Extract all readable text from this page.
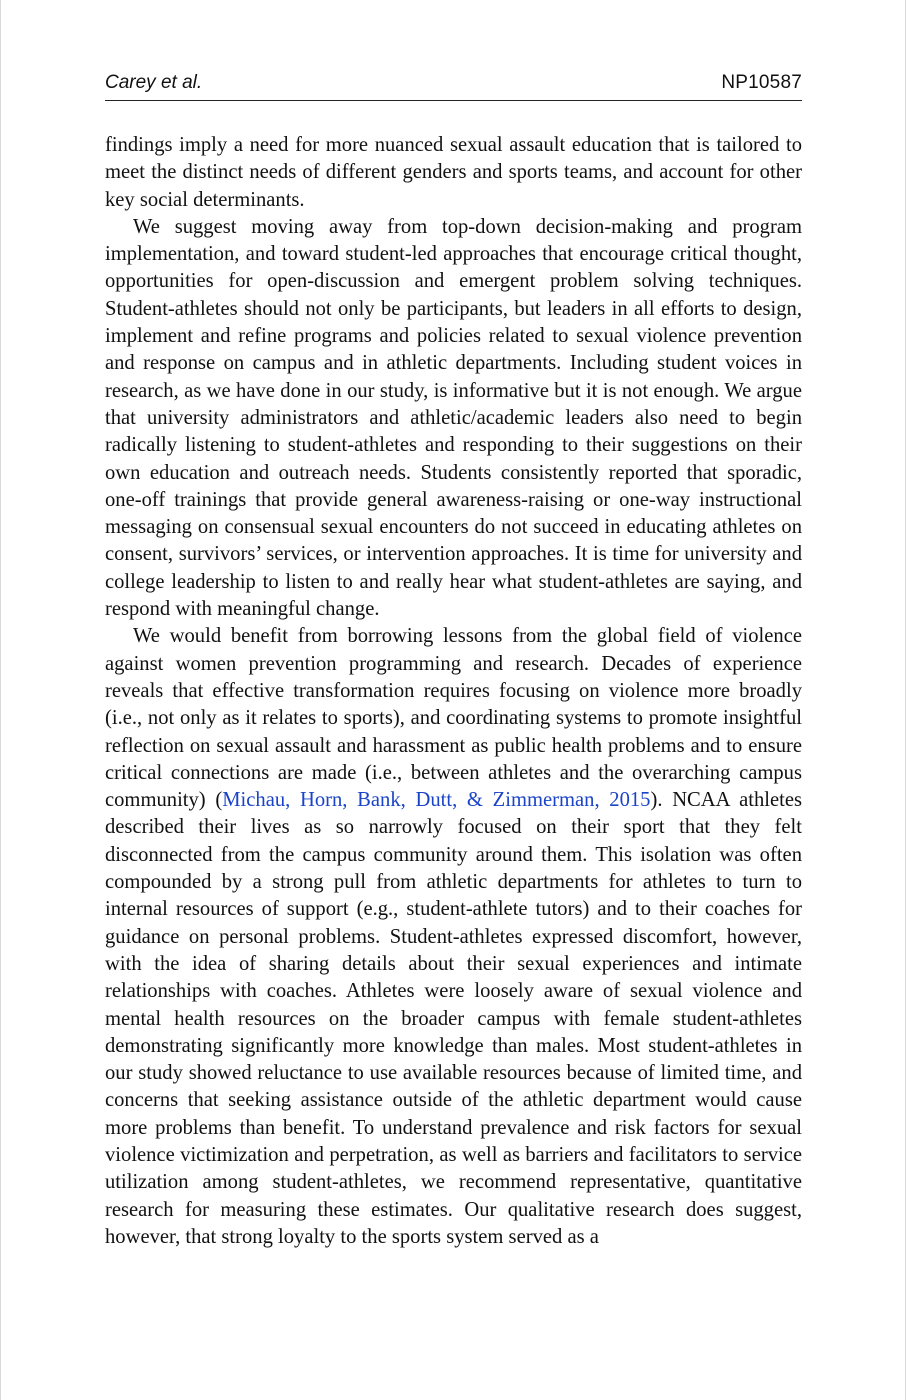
Carey et al.	NP10587

findings imply a need for more nuanced sexual assault education that is tailored to meet the distinct needs of different genders and sports teams, and account for other key social determinants.

We suggest moving away from top-down decision-making and program implementation, and toward student-led approaches that encourage critical thought, opportunities for open-discussion and emergent problem solving techniques. Student-athletes should not only be participants, but leaders in all efforts to design, implement and refine programs and policies related to sexual violence prevention and response on campus and in athletic departments. Including student voices in research, as we have done in our study, is informative but it is not enough. We argue that university administrators and athletic/academic leaders also need to begin radically listening to student-athletes and responding to their suggestions on their own education and outreach needs. Students consistently reported that sporadic, one-off trainings that provide general awareness-raising or one-way instructional messaging on consensual sexual encounters do not succeed in educating athletes on consent, survivors’ services, or intervention approaches. It is time for university and college leadership to listen to and really hear what student-athletes are saying, and respond with meaningful change.

We would benefit from borrowing lessons from the global field of violence against women prevention programming and research. Decades of experience reveals that effective transformation requires focusing on violence more broadly (i.e., not only as it relates to sports), and coordinating systems to promote insightful reflection on sexual assault and harassment as public health problems and to ensure critical connections are made (i.e., between athletes and the overarching campus community) (Michau, Horn, Bank, Dutt, & Zimmerman, 2015). NCAA athletes described their lives as so narrowly focused on their sport that they felt disconnected from the campus community around them. This isolation was often compounded by a strong pull from athletic departments for athletes to turn to internal resources of support (e.g., student-athlete tutors) and to their coaches for guidance on personal problems. Student-athletes expressed discomfort, however, with the idea of sharing details about their sexual experiences and intimate relationships with coaches. Athletes were loosely aware of sexual violence and mental health resources on the broader campus with female student-athletes demonstrating significantly more knowledge than males. Most student-athletes in our study showed reluctance to use available resources because of limited time, and concerns that seeking assistance outside of the athletic department would cause more problems than benefit. To understand prevalence and risk factors for sexual violence victimization and perpetration, as well as barriers and facilitators to service utilization among student-athletes, we recommend representative, quantitative research for measuring these estimates. Our qualitative research does suggest, however, that strong loyalty to the sports system served as a
